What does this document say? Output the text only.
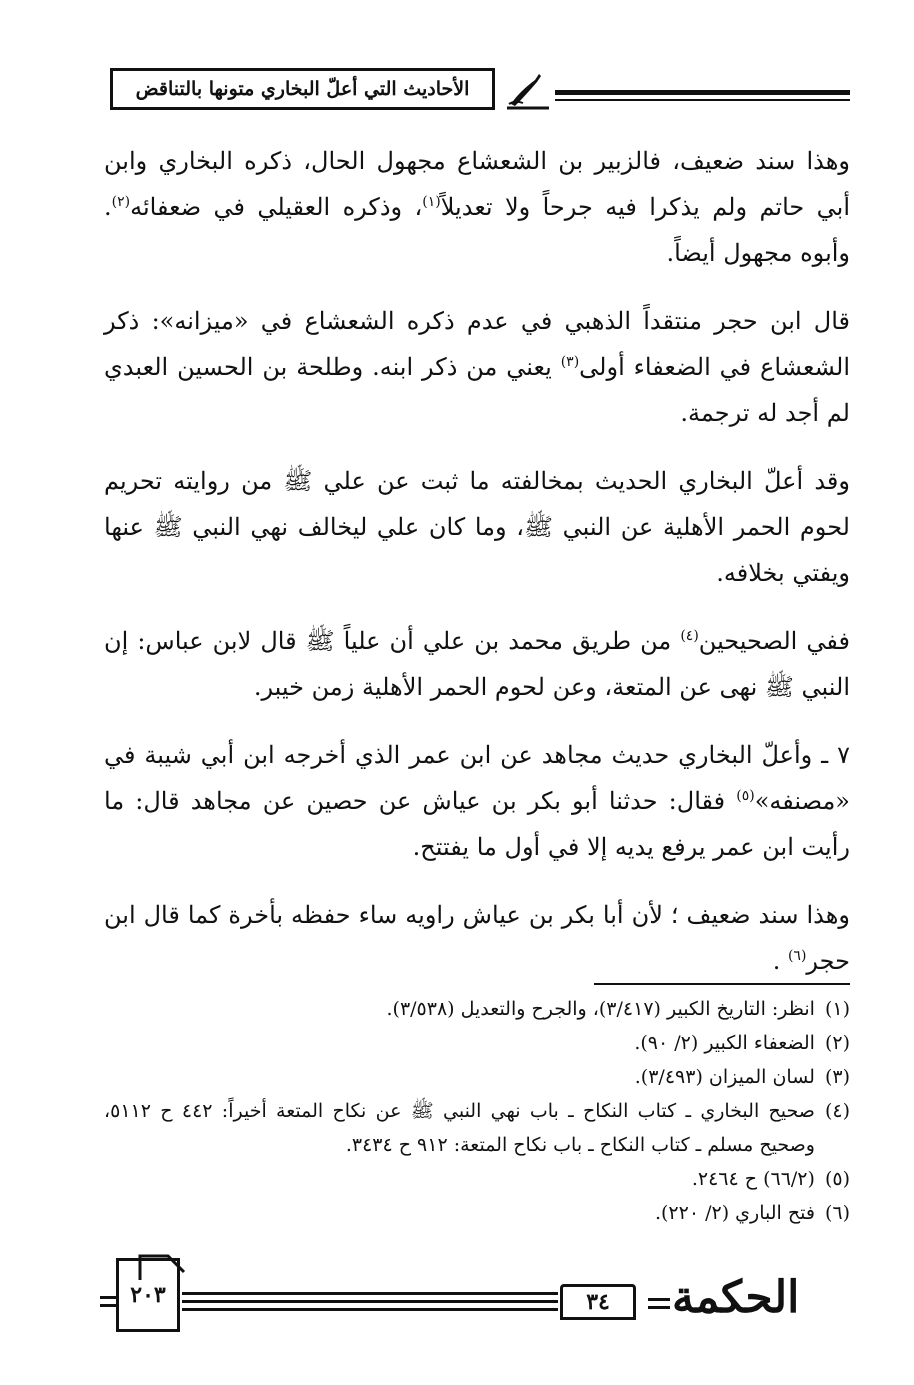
الأحاديث التي أعلّ البخاري متونها بالتناقض

وهذا سند ضعيف، فالزبير بن الشعشاع مجهول الحال، ذكره البخاري وابن أبي حاتم ولم يذكرا فيه جرحاً ولا تعديلاً$^{(١)}$، وذكره العقيلي في ضعفائه$^{(٢)}$. وأبوه مجهول أيضاً.

قال ابن حجر منتقداً الذهبي في عدم ذكره الشعشاع في «ميزانه»: ذكر الشعشاع في الضعفاء أولى$^{(٣)}$ يعني من ذكر ابنه. وطلحة بن الحسين العبدي لم أجد له ترجمة.

وقد أعلّ البخاري الحديث بمخالفته ما ثبت عن علي ﷺ من روايته تحريم لحوم الحمر الأهلية عن النبي ﷺ، وما كان علي ليخالف نهي النبي ﷺ عنها ويفتي بخلافه.

ففي الصحيحين$^{(٤)}$ من طريق محمد بن علي أن علياً ﷺ قال لابن عباس: إن النبي ﷺ نهى عن المتعة، وعن لحوم الحمر الأهلية زمن خيبر.

٧ ـ وأعلّ البخاري حديث مجاهد عن ابن عمر الذي أخرجه ابن أبي شيبة في «مصنفه»$^{(٥)}$ فقال: حدثنا أبو بكر بن عياش عن حصين عن مجاهد قال: ما رأيت ابن عمر يرفع يديه إلا في أول ما يفتتح.

وهذا سند ضعيف ؛ لأن أبا بكر بن عياش راويه ساء حفظه بأخرة كما قال ابن حجر$^{(٦)}$ .

(١)
انظر: التاريخ الكبير (٣/٤١٧)، والجرح والتعديل (٣/٥٣٨).
(٢)
الضعفاء الكبير (٢/ ٩٠).
(٣)
لسان الميزان (٣/٤٩٣).
(٤)
صحيح البخاري ـ كتاب النكاح ـ باب نهي النبي ﷺ عن نكاح المتعة أخيراً: ٤٤٢ ح ٥١١٢، وصحيح مسلم ـ كتاب النكاح ـ باب نكاح المتعة: ٩١٢ ح ٣٤٣٤.
(٥)
(٦٦/٢) ح ٢٤٦٤.
(٦)
فتح الباري (٢/ ٢٢٠).
الحكمة
٣٤
٢٠٣
